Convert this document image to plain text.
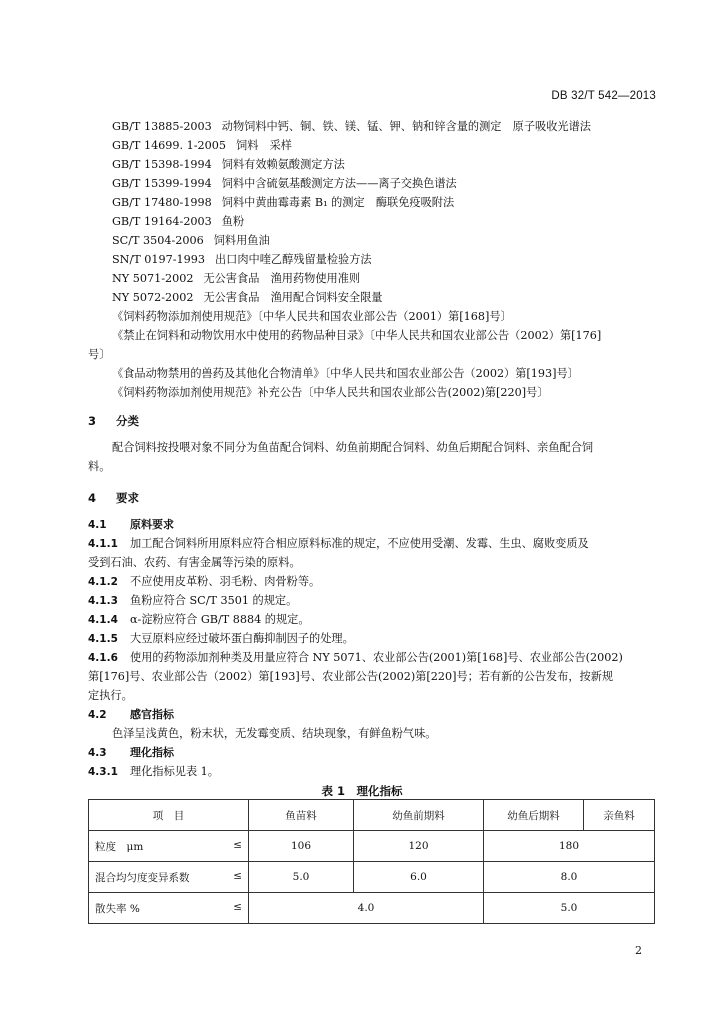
DB 32/T 542—2013
GB/T 13885-2003 动物饲料中钙、铜、铁、镁、锰、钾、钠和锌含量的测定　原子吸收光谱法
GB/T 14699. 1-2005 饲料　采样
GB/T 15398-1994 饲料有效赖氨酸测定方法
GB/T 15399-1994 饲料中含硫氨基酸测定方法——离子交换色谱法
GB/T 17480-1998 饲料中黄曲霉毒素 B₁ 的测定　酶联免疫吸附法
GB/T 19164-2003 鱼粉
SC/T 3504-2006 饲料用鱼油
SN/T 0197-1993 出口肉中喹乙醇残留量检验方法
NY 5071-2002 无公害食品　渔用药物使用准则
NY 5072-2002 无公害食品　渔用配合饲料安全限量
《饲料药物添加剂使用规范》〔中华人民共和国农业部公告（2001）第[168]号〕
《禁止在饲料和动物饮用水中使用的药物品种目录》〔中华人民共和国农业部公告（2002）第[176]
号〕
《食品动物禁用的兽药及其他化合物清单》〔中华人民共和国农业部公告（2002）第[193]号〕
《饲料药物添加剂使用规范》补充公告〔中华人民共和国农业部公告(2002)第[220]号〕
3 分类
配合饲料按投喂对象不同分为鱼苗配合饲料、幼鱼前期配合饲料、幼鱼后期配合饲料、亲鱼配合饲
料。
4 要求
4.1 原料要求
4.1.1 加工配合饲料所用原料应符合相应原料标准的规定，不应使用受潮、发霉、生虫、腐败变质及
受到石油、农药、有害金属等污染的原料。
4.1.2 不应使用皮革粉、羽毛粉、肉骨粉等。
4.1.3 鱼粉应符合 SC/T 3501 的规定。
4.1.4 α-淀粉应符合 GB/T 8884 的规定。
4.1.5 大豆原料应经过破坏蛋白酶抑制因子的处理。
4.1.6 使用的药物添加剂种类及用量应符合 NY 5071、农业部公告(2001)第[168]号、农业部公告(2002)
第[176]号、农业部公告（2002）第[193]号、农业部公告(2002)第[220]号；若有新的公告发布，按新规
定执行。
4.2 感官指标
色泽呈浅黄色，粉末状，无发霉变质、结块现象，有鲜鱼粉气味。
4.3 理化指标
4.3.1 理化指标见表 1。
表 1　理化指标
项　目	鱼苗料	幼鱼前期料	幼鱼后期料	亲鱼料
粒度　μm ≤	106	120	180	
混合均匀度变异系数 ≤	5.0	6.0	8.0	
散失率 % ≤	4.0		5.0	
2
